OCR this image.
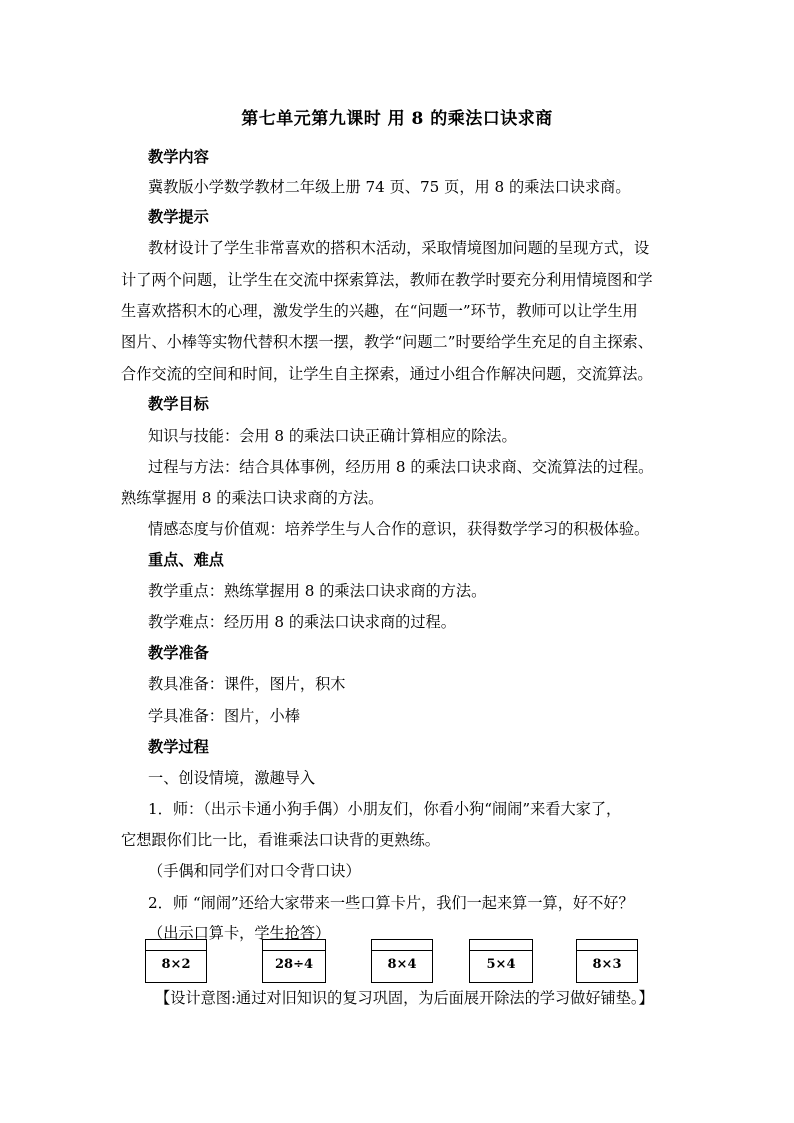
第七单元第九课时 用 8 的乘法口诀求商
教学内容
冀教版小学数学教材二年级上册 74 页、75 页，用 8 的乘法口诀求商。
教学提示
教材设计了学生非常喜欢的搭积木活动，采取情境图加问题的呈现方式，设
计了两个问题，让学生在交流中探索算法，教师在教学时要充分利用情境图和学
生喜欢搭积木的心理，激发学生的兴趣，在“问题一”环节，教师可以让学生用
图片、小棒等实物代替积木摆一摆，教学“问题二”时要给学生充足的自主探索、
合作交流的空间和时间，让学生自主探索，通过小组合作解决问题，交流算法。
教学目标
知识与技能：会用 8 的乘法口诀正确计算相应的除法。
过程与方法：结合具体事例，经历用 8 的乘法口诀求商、交流算法的过程。
熟练掌握用 8 的乘法口诀求商的方法。
情感态度与价值观：培养学生与人合作的意识，获得数学学习的积极体验。
重点、难点
教学重点：熟练掌握用 8 的乘法口诀求商的方法。
教学难点：经历用 8 的乘法口诀求商的过程。
教学准备
教具准备：课件，图片，积木
学具准备：图片，小棒
教学过程
一、创设情境，激趣导入
1．师：（出示卡通小狗手偶）小朋友们，你看小狗“闹闹”来看大家了，
它想跟你们比一比，看谁乘法口诀背的更熟练。
（手偶和同学们对口令背口诀）
2．师 “闹闹”还给大家带来一些口算卡片，我们一起来算一算，好不好？
（出示口算卡，学生抢答）
8×2	28÷4	8×4	5×4	8×3
【设计意图:通过对旧知识的复习巩固，为后面展开除法的学习做好铺垫。】
